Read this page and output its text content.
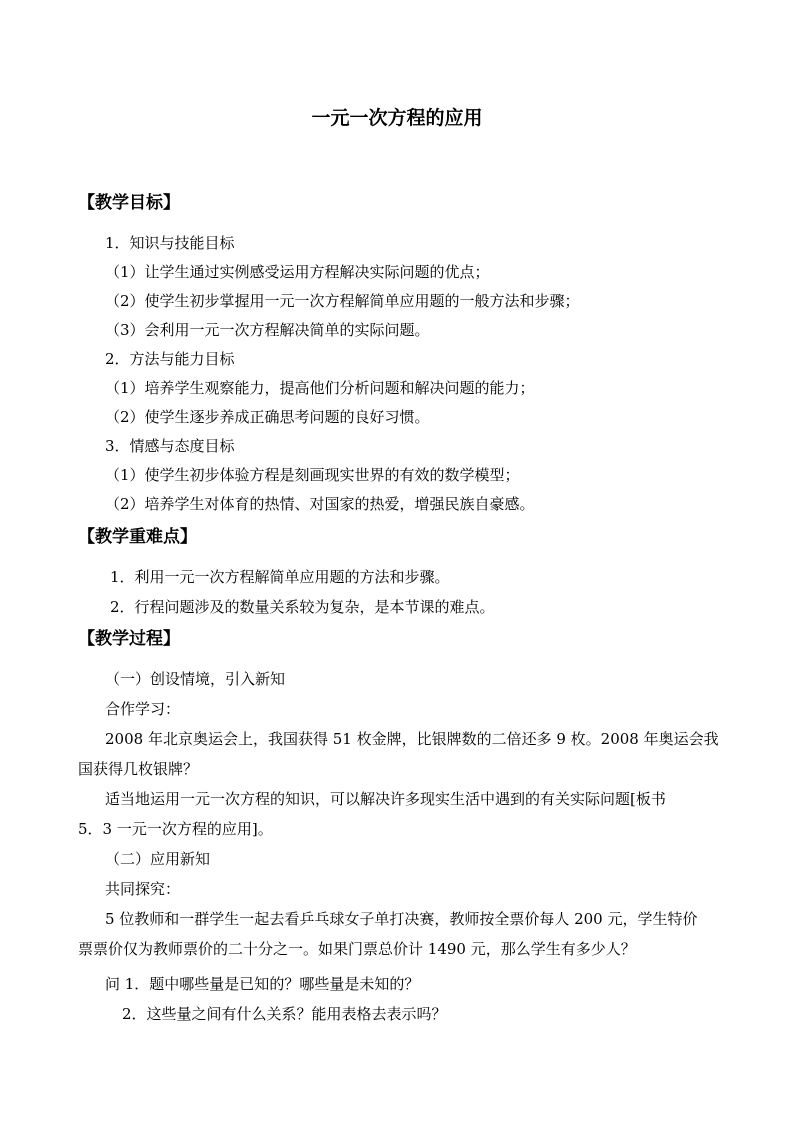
一元一次方程的应用
【教学目标】
1．知识与技能目标
（1）让学生通过实例感受运用方程解决实际问题的优点；
（2）使学生初步掌握用一元一次方程解简单应用题的一般方法和步骤；
（3）会利用一元一次方程解决简单的实际问题。
2．方法与能力目标
（1）培养学生观察能力，提高他们分析问题和解决问题的能力；
（2）使学生逐步养成正确思考问题的良好习惯。
3．情感与态度目标
（1）使学生初步体验方程是刻画现实世界的有效的数学模型；
（2）培养学生对体育的热情、对国家的热爱，增强民族自豪感。
【教学重难点】
1．利用一元一次方程解简单应用题的方法和步骤。
2．行程问题涉及的数量关系较为复杂，是本节课的难点。
【教学过程】
（一）创设情境，引入新知
合作学习：
2008 年北京奥运会上，我国获得 51 枚金牌，比银牌数的二倍还多 9 枚。2008 年奥运会我
国获得几枚银牌？
适当地运用一元一次方程的知识，可以解决许多现实生活中遇到的有关实际问题[板书
5．3 一元一次方程的应用]。
（二）应用新知
共同探究：
5 位教师和一群学生一起去看乒乓球女子单打决赛，教师按全票价每人 200 元，学生特价
票票价仅为教师票价的二十分之一。如果门票总价计 1490 元，那么学生有多少人？
问 1．题中哪些量是已知的？哪些量是未知的？
2．这些量之间有什么关系？能用表格去表示吗？
